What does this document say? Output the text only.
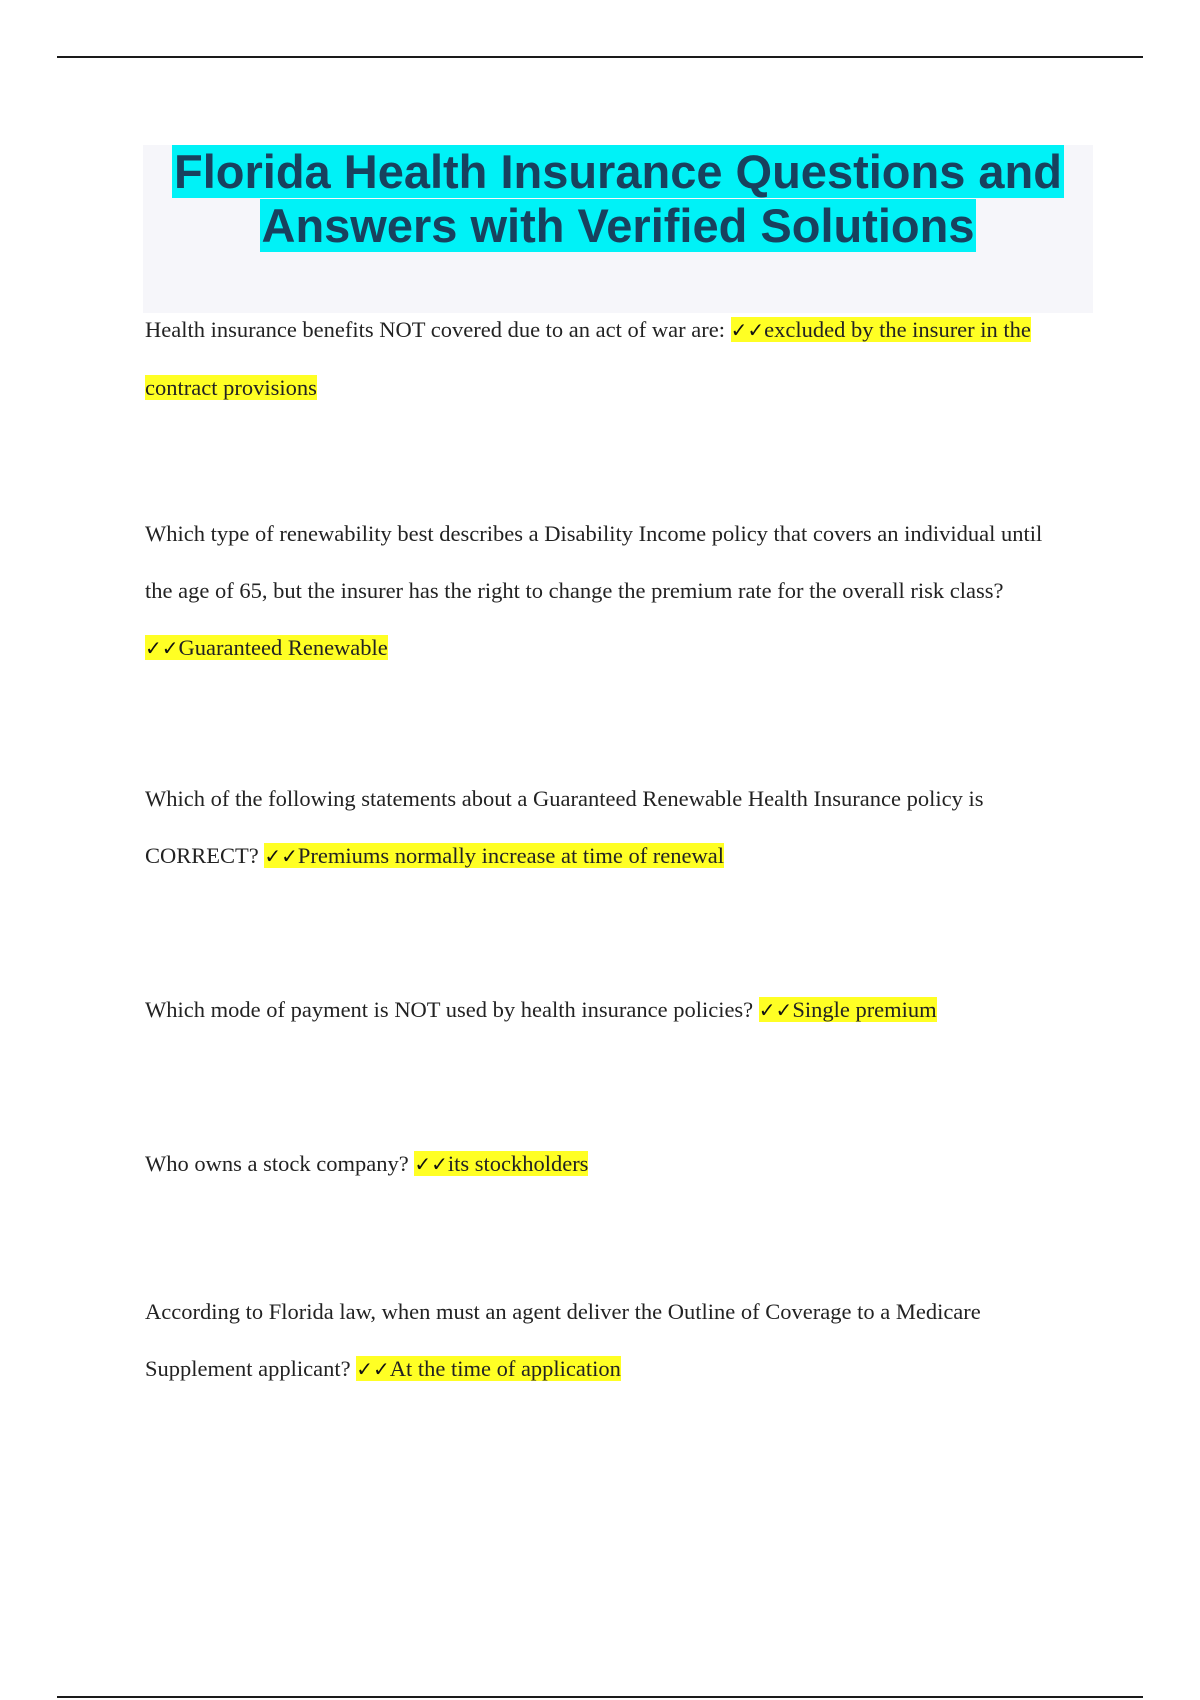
Florida Health Insurance Questions and Answers with Verified Solutions

Health insurance benefits NOT covered due to an act of war are: ✓✓excluded by the insurer in the contract provisions

Which type of renewability best describes a Disability Income policy that covers an individual until the age of 65, but the insurer has the right to change the premium rate for the overall risk class? ✓✓Guaranteed Renewable

Which of the following statements about a Guaranteed Renewable Health Insurance policy is CORRECT? ✓✓Premiums normally increase at time of renewal

Which mode of payment is NOT used by health insurance policies? ✓✓Single premium

Who owns a stock company? ✓✓its stockholders

According to Florida law, when must an agent deliver the Outline of Coverage to a Medicare Supplement applicant? ✓✓At the time of application
